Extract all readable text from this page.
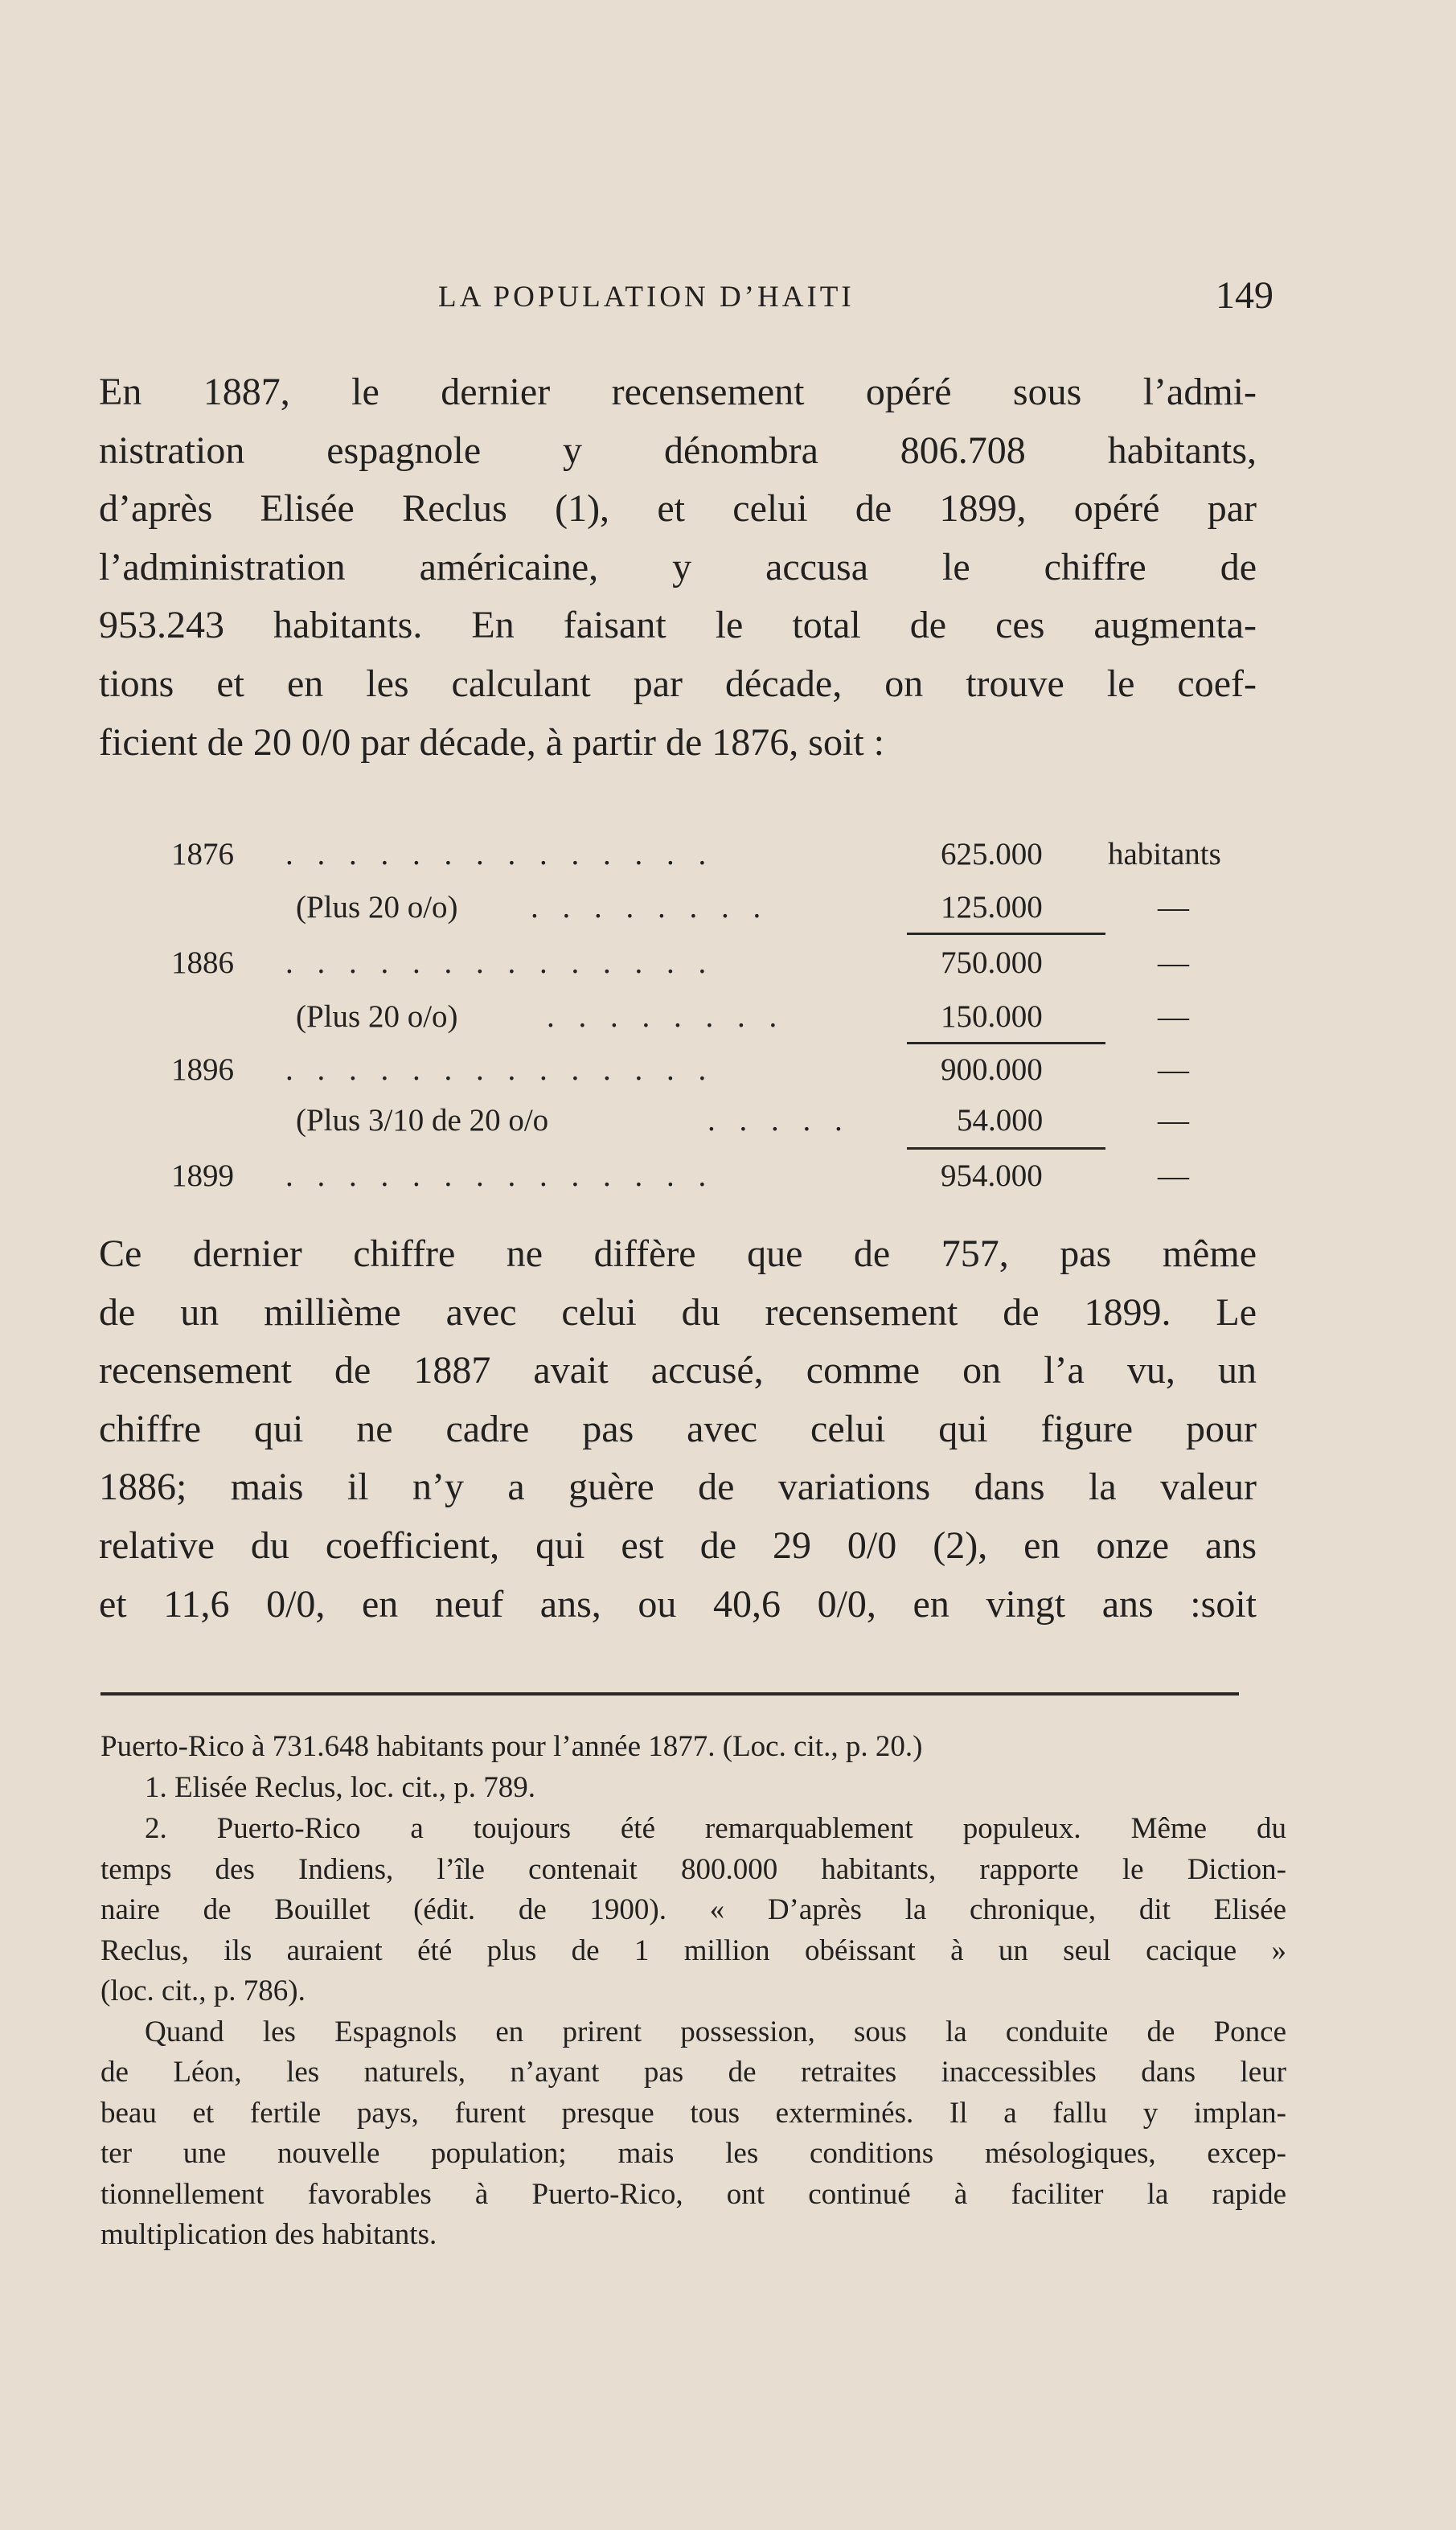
LA POPULATION D’HAITI	149
En 1887, le dernier recensement opéré sous l’admi-
nistration espagnole y dénombra 806.708 habitants,
d’après Elisée Reclus (1), et celui de 1899, opéré par
l’administration américaine, y accusa le chiffre de
953.243 habitants. En faisant le total de ces augmenta-
tions et en les calculant par décade, on trouve le coef-
ficient de 20 0/0 par décade, à partir de 1876, soit :
1876 . . . . . . . . . . . . . .	625.000	habitants
(Plus 20 o/o) . . . . . . . .	125.000	—
1886 . . . . . . . . . . . . . .	750.000	—
(Plus 20 o/o)	. . . . . . . .	150.000	—
1896 . . . . . . . . . . . . . .	900.000	—
(Plus 3/10 de 20 o/o	. . . . .	54.000	—
1899 . . . . . . . . . . . . . .	954.000	—
Ce dernier chiffre ne diffère que de 757, pas même
de un millième avec celui du recensement de 1899. Le
recensement de 1887 avait accusé, comme on l’a vu, un
chiffre qui ne cadre pas avec celui qui figure pour
1886; mais il n’y a guère de variations dans la valeur
relative du coefficient, qui est de 29 0/0 (2), en onze ans
et 11,6 0/0, en neuf ans, ou 40,6 0/0, en vingt ans :soit
Puerto-Rico à 731.648 habitants pour l’année 1877. (Loc. cit., p. 20.)
1. Elisée Reclus, loc. cit., p. 789.
2. Puerto-Rico a toujours été remarquablement populeux. Même du
temps des Indiens, l’île contenait 800.000 habitants, rapporte le Diction-
naire de Bouillet (édit. de 1900). « D’après la chronique, dit Elisée
Reclus, ils auraient été plus de 1 million obéissant à un seul cacique »
(loc. cit., p. 786).
Quand les Espagnols en prirent possession, sous la conduite de Ponce
de Léon, les naturels, n’ayant pas de retraites inaccessibles dans leur
beau et fertile pays, furent presque tous exterminés. Il a fallu y implan-
ter une nouvelle population; mais les conditions mésologiques, excep-
tionnellement favorables à Puerto-Rico, ont continué à faciliter la rapide
multiplication des habitants.
